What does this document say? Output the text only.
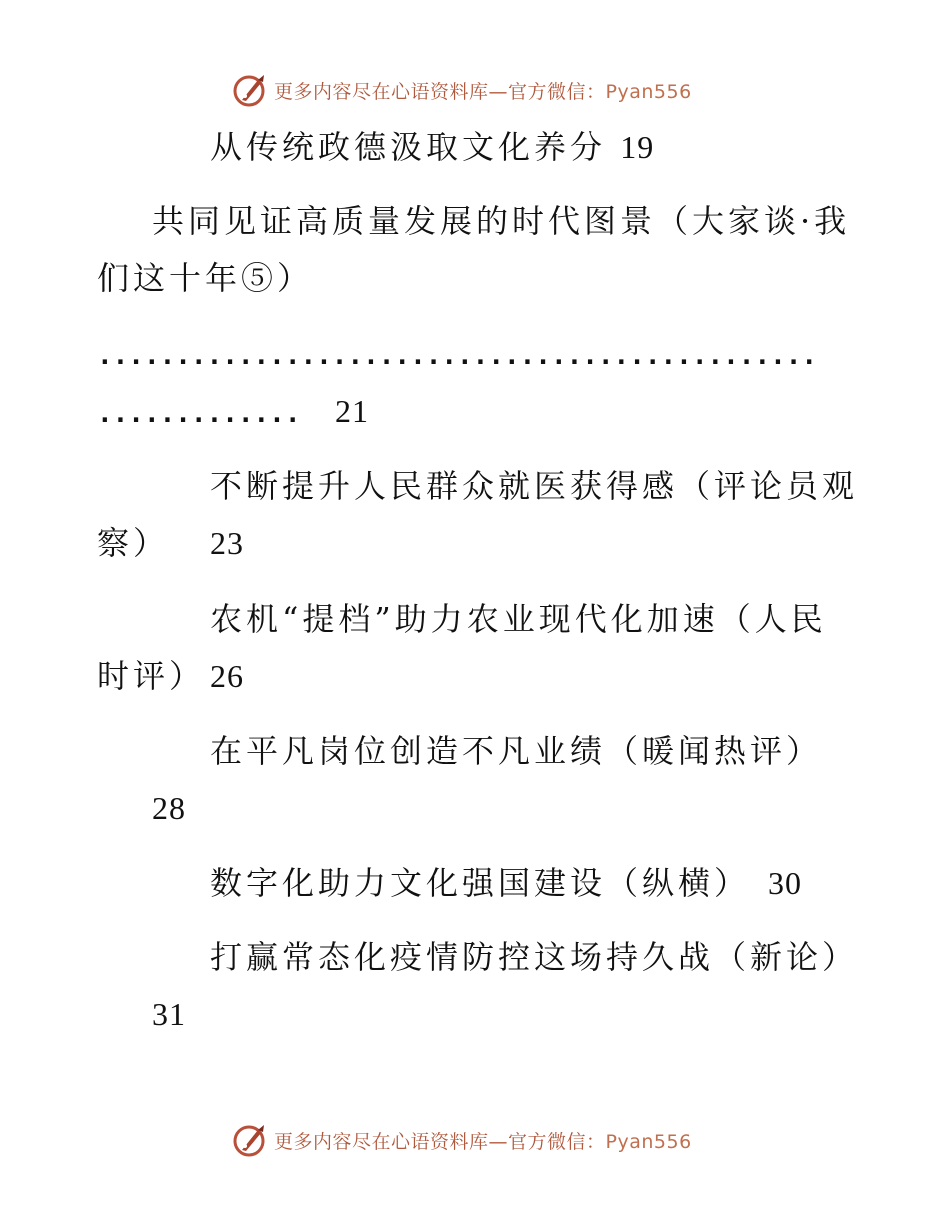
更多内容尽在心语资料库—官方微信：Pyan556
从传统政德汲取文化养分 19
共同见证高质量发展的时代图景（大家谈·我
们这十年⑤）
..............................................
.............	21
不断提升人民群众就医获得感（评论员观
察） 23
农机“提档”助力农业现代化加速（人民
时评） 26
在平凡岗位创造不凡业绩（暖闻热评）
28
数字化助力文化强国建设（纵横） 30
打赢常态化疫情防控这场持久战（新论）
31
更多内容尽在心语资料库—官方微信：Pyan556
